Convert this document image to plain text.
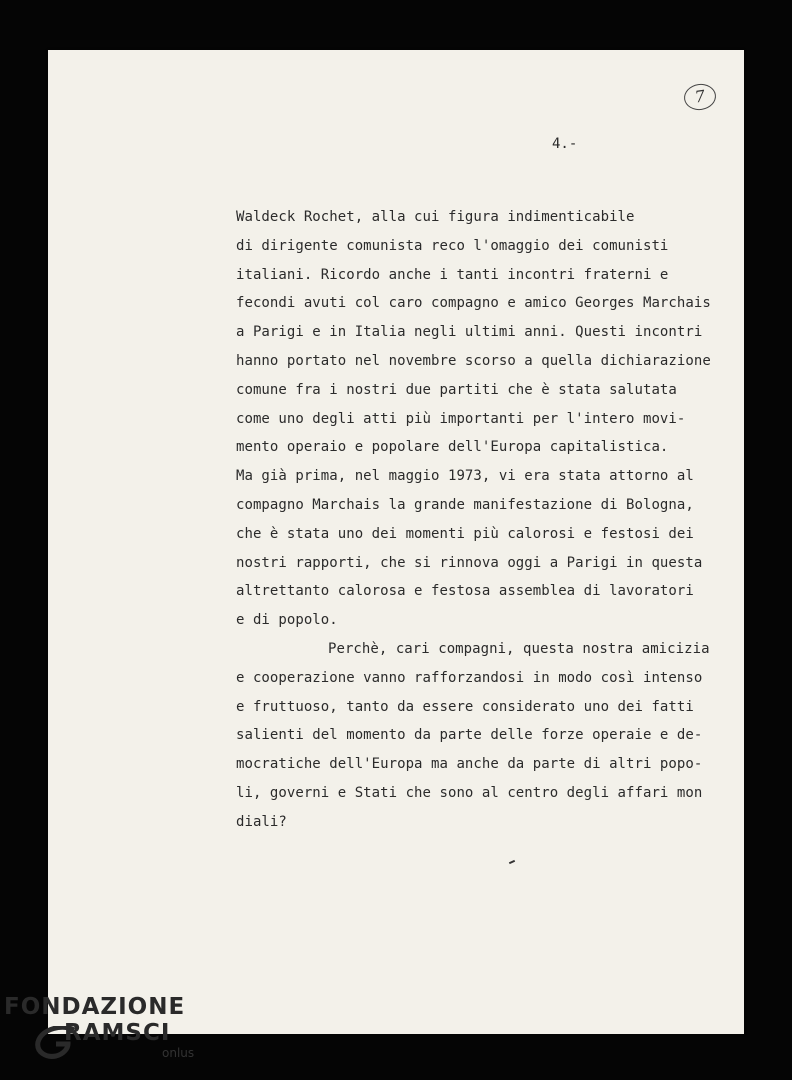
7
4.-
Waldeck Rochet, alla cui figura indimenticabile
di dirigente comunista reco l'omaggio dei comunisti
italiani. Ricordo anche i tanti incontri fraterni e
fecondi avuti col caro compagno e amico Georges Marchais
a Parigi e in Italia negli ultimi anni. Questi incontri
hanno portato nel novembre scorso a quella dichiarazione
comune fra i nostri due partiti che è stata salutata
come uno degli atti più importanti per l'intero movi-
mento operaio e popolare dell'Europa capitalistica.
Ma già prima, nel maggio 1973, vi era stata attorno al
compagno Marchais la grande manifestazione di Bologna,
che è stata uno dei momenti più calorosi e festosi dei
nostri rapporti, che si rinnova oggi a Parigi in questa
altrettanto calorosa e festosa assemblea di lavoratori
e di popolo.
Perchè, cari compagni, questa nostra amicizia
e cooperazione vanno rafforzandosi in modo così intenso
e fruttuoso, tanto da essere considerato uno dei fatti
salienti del momento da parte delle forze operaie e de-
mocratiche dell'Europa ma anche da parte di altri popo-
li, governi e Stati che sono al centro degli affari mon
diali?
FONDAZIONE
RAMSCI
onlus
